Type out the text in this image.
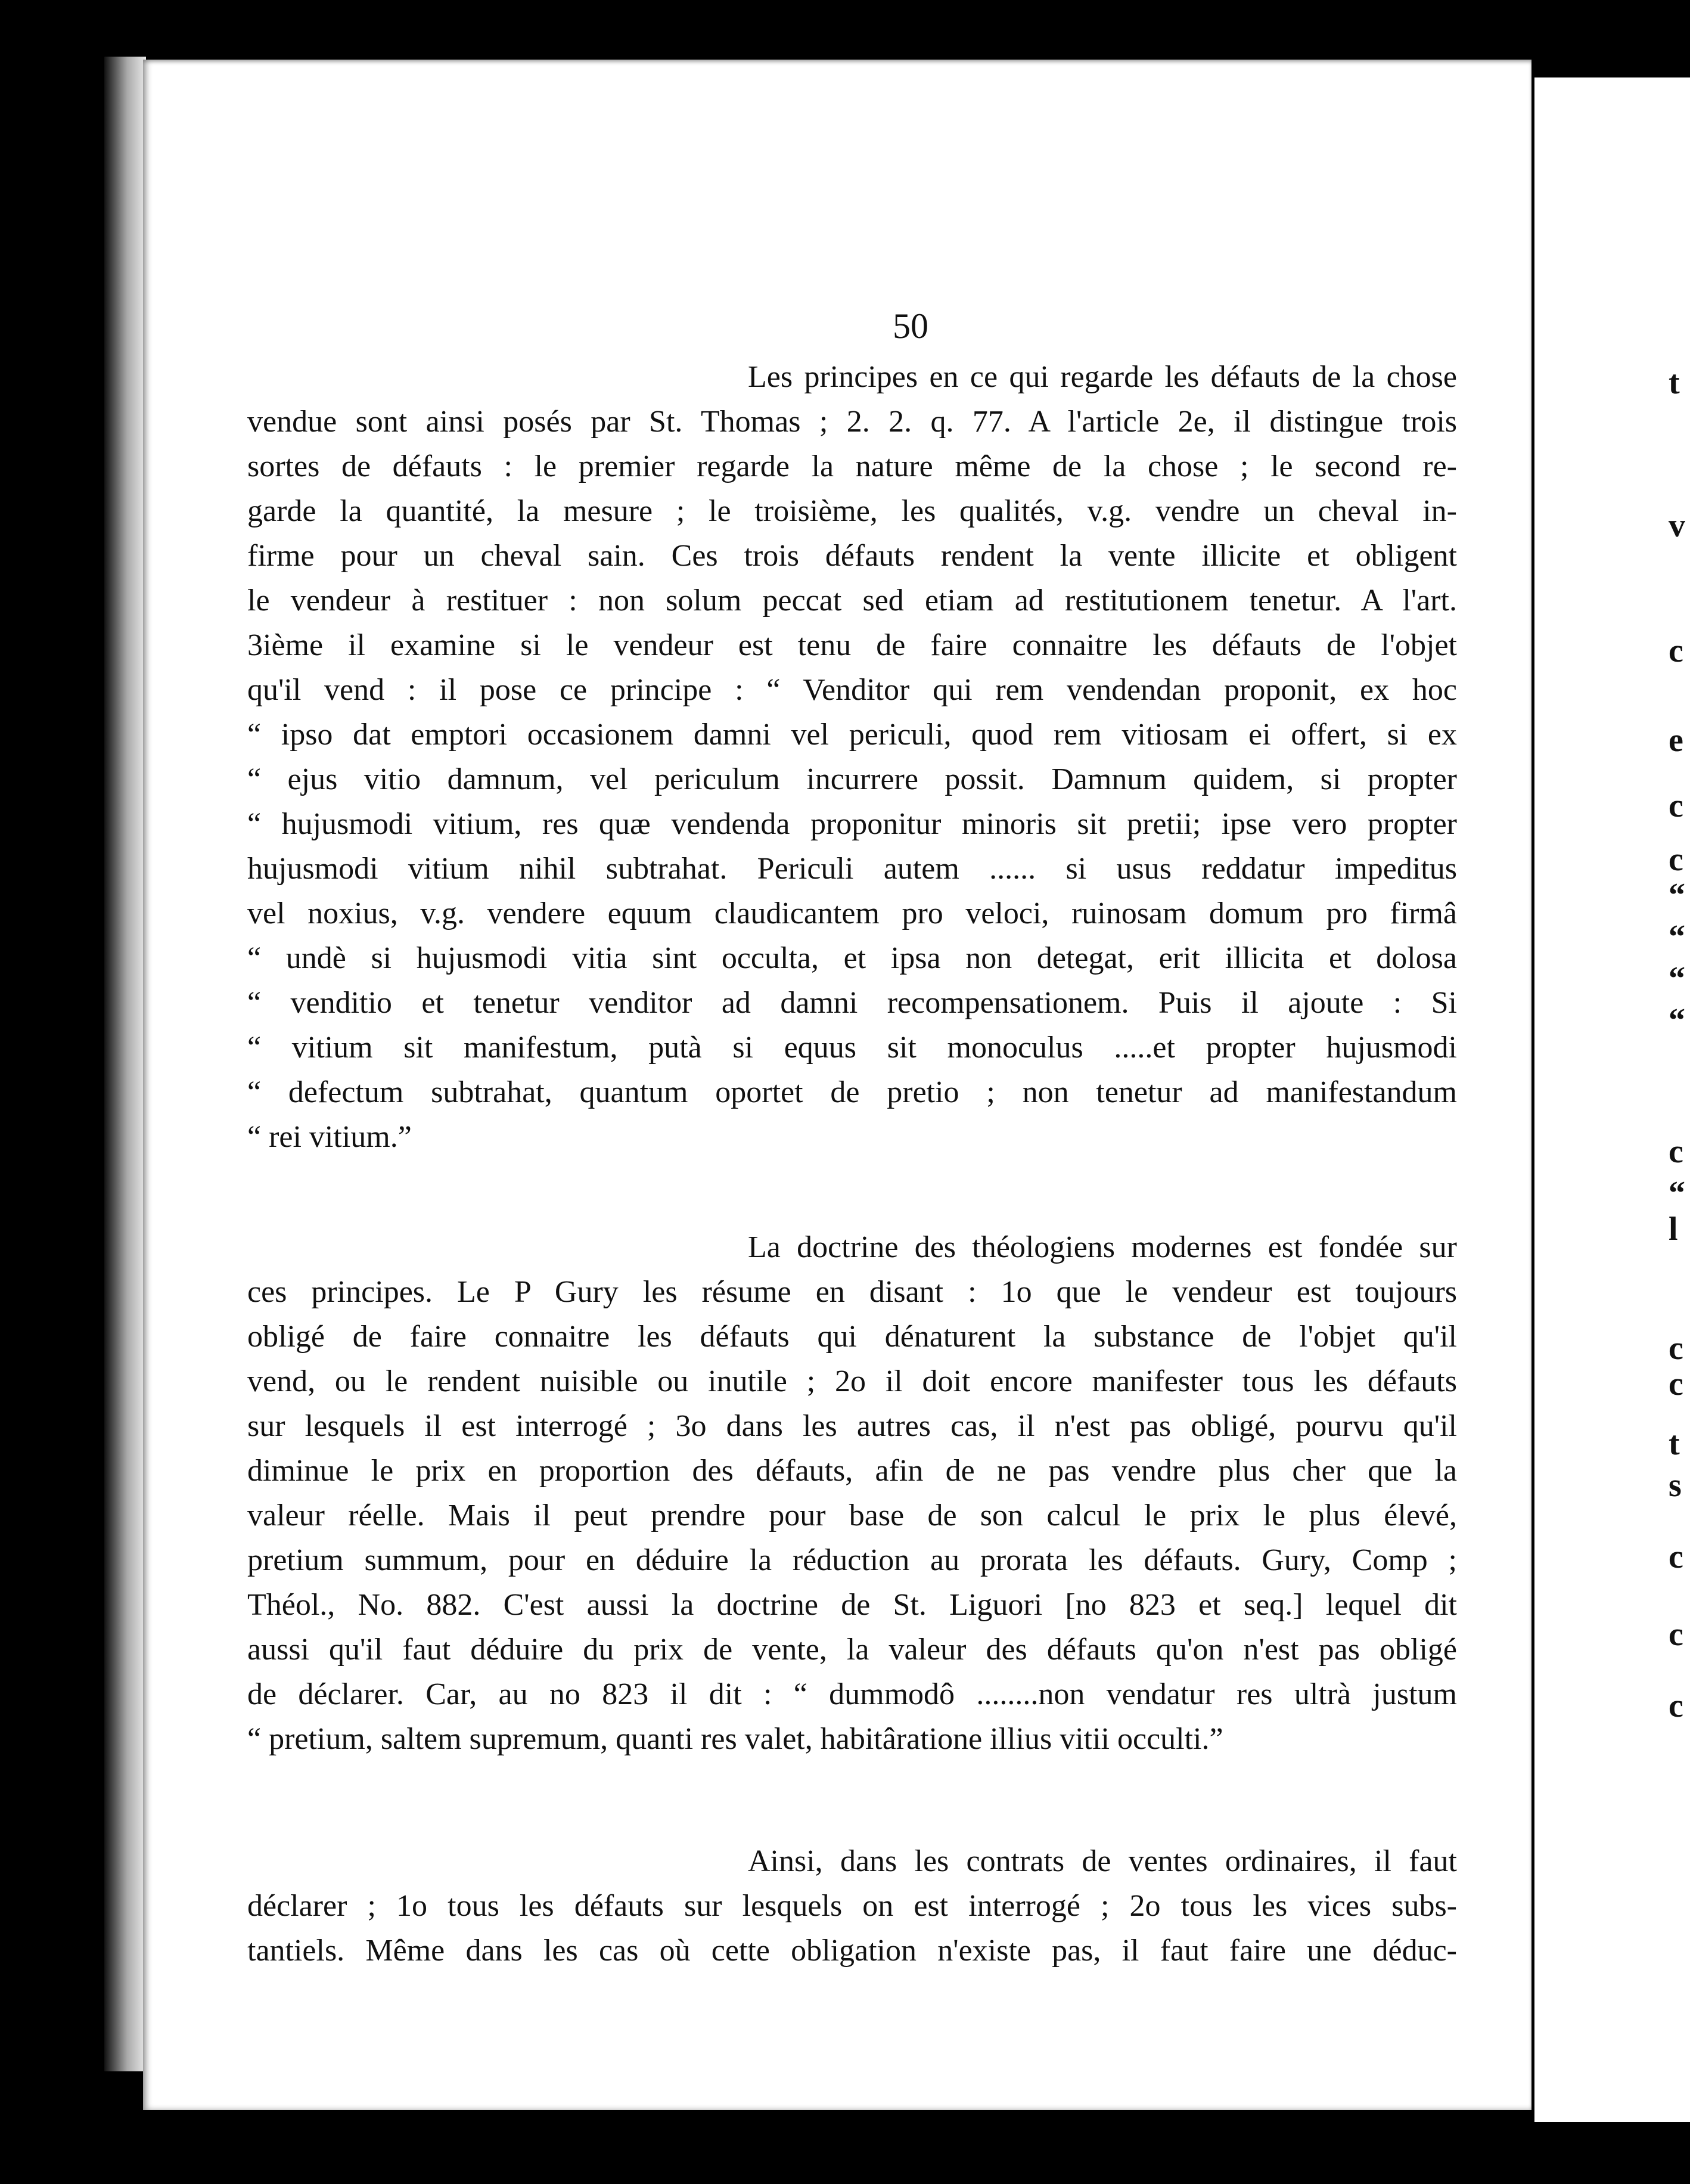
t
v
c
e
c
c
“
“
“
“
c
“
l
c
c
t
s
c
c
c
50
Les principes en ce qui regarde les défauts de la chose
vendue sont ainsi posés par St. Thomas ; 2. 2. q. 77. A l'article 2e, il distingue trois
sortes de défauts : le premier regarde la nature même de la chose ; le second re-
garde la quantité, la mesure ; le troisième, les qualités, v.g. vendre un cheval in-
firme pour un cheval sain. Ces trois défauts rendent la vente illicite et obligent
le vendeur à restituer : non solum peccat sed etiam ad restitutionem tenetur. A l'art.
3ième il examine si le vendeur est tenu de faire connaitre les défauts de l'objet
qu'il vend : il pose ce principe : “ Venditor qui rem vendendan proponit, ex hoc
“ ipso dat emptori occasionem damni vel periculi, quod rem vitiosam ei offert, si ex
“ ejus vitio damnum, vel periculum incurrere possit. Damnum quidem, si propter
“ hujusmodi vitium, res quæ vendenda proponitur minoris sit pretii; ipse vero propter
hujusmodi vitium nihil subtrahat. Periculi autem ...... si usus reddatur impeditus
vel noxius, v.g. vendere equum claudicantem pro veloci, ruinosam domum pro firmâ
“ undè si hujusmodi vitia sint occulta, et ipsa non detegat, erit illicita et dolosa
“ venditio et tenetur venditor ad damni recompensationem. Puis il ajoute : Si
“ vitium sit manifestum, putà si equus sit monoculus .....et propter hujusmodi
“ defectum subtrahat, quantum oportet de pretio ; non tenetur ad manifestandum
“ rei vitium.”
La doctrine des théologiens modernes est fondée sur
ces principes. Le P Gury les résume en disant : 1o que le vendeur est toujours
obligé de faire connaitre les défauts qui dénaturent la substance de l'objet qu'il
vend, ou le rendent nuisible ou inutile ; 2o il doit encore manifester tous les défauts
sur lesquels il est interrogé ; 3o dans les autres cas, il n'est pas obligé, pourvu qu'il
diminue le prix en proportion des défauts, afin de ne pas vendre plus cher que la
valeur réelle. Mais il peut prendre pour base de son calcul le prix le plus élevé,
pretium summum, pour en déduire la réduction au prorata les défauts. Gury, Comp ;
Théol., No. 882. C'est aussi la doctrine de St. Liguori [no 823 et seq.] lequel dit
aussi qu'il faut déduire du prix de vente, la valeur des défauts qu'on n'est pas obligé
de déclarer. Car, au no 823 il dit : “ dummodô ........non vendatur res ultrà justum
“ pretium, saltem supremum, quanti res valet, habitâratione illius vitii occulti.”
Ainsi, dans les contrats de ventes ordinaires, il faut
déclarer ; 1o tous les défauts sur lesquels on est interrogé ; 2o tous les vices subs-
tantiels. Même dans les cas où cette obligation n'existe pas, il faut faire une déduc-
